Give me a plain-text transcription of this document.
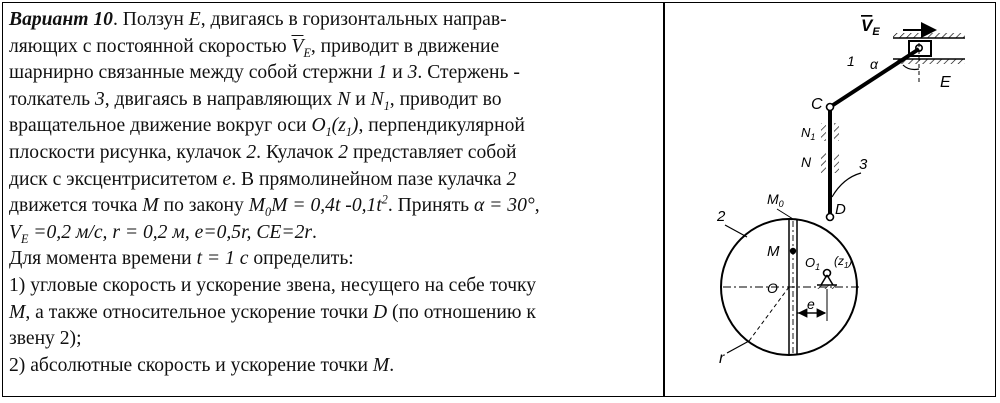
Вариант 10. Ползун E, двигаясь в горизонтальных направ-
ляющих с постоянной скоростью $\overline{V}_E$, приводит в движение
шарнирно связанные между собой стержни 1 и 3. Стержень -
толкатель 3, двигаясь в направляющих N и $N_1$, приводит во
вращательное движение вокруг оси $O_1(z_1)$, перпендикулярной
плоскости рисунка, кулачок 2. Кулачок 2 представляет собой
диск с эксцентриситетом e. В прямолинейном пазе кулачка 2
движется точка M по закону $M_0M = 0,4t$ $-0,1t^2$. Принять α = 30°,
$V_E =0,2$ м/с, r = 0,2 м, e=0,5r, CE=2r.
Для момента времени t = 1 с определить:
1) угловые скорость и ускорение звена, несущего на себе точку
M, а также относительное ускорение точки D (по отношению к
звену 2);
2) абсолютные скорость и ускорение точки M.
$V_E$
α
1
E
C
$N_1$
N	3
D
$M_0$
M
2
O
$O_1$ $(z_1)$
e
r
